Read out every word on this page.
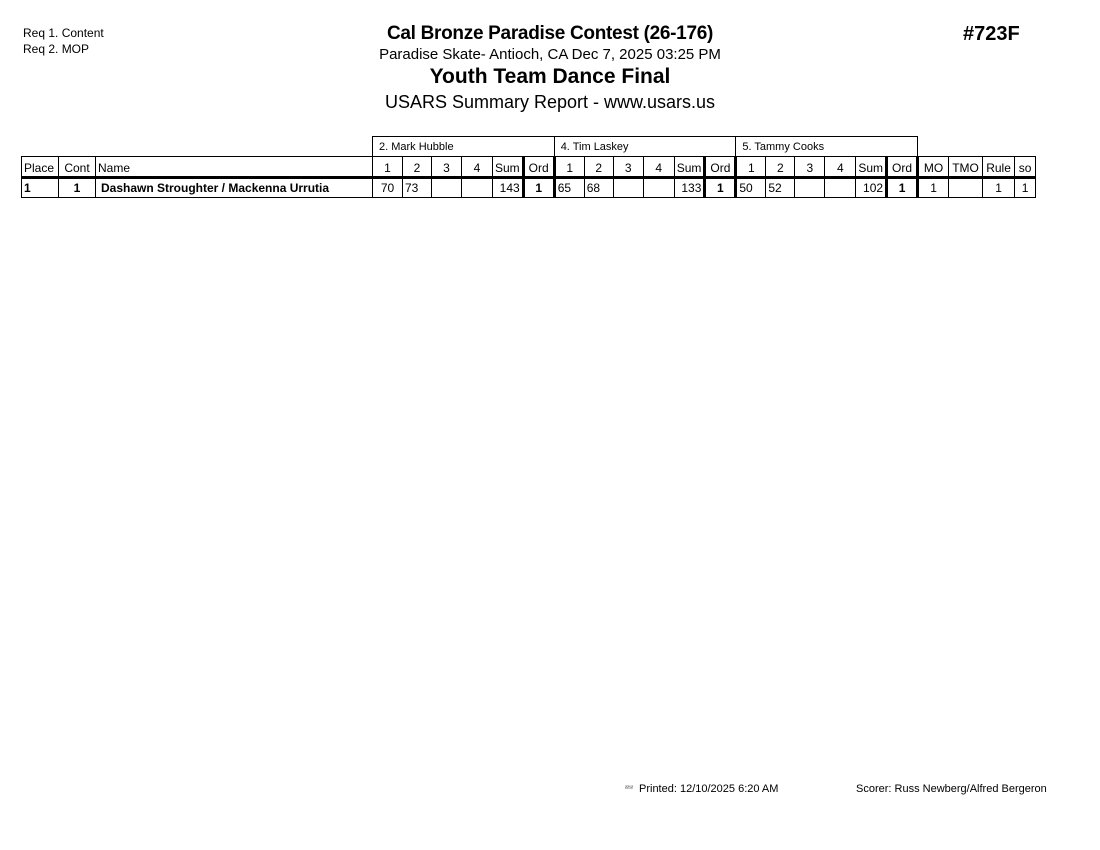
Req 1. Content
Req 2. MOP
Cal Bronze Paradise Contest (26-176)
Paradise Skate- Antioch, CA Dec 7, 2025 03:25 PM
Youth Team Dance Final
USARS Summary Report - www.usars.us
#723F
			2. Mark Hubble						4. Tim Laskey						5. Tammy Cooks									
Place	Cont	Name	1	2	3	4	Sum	Ord	1	2	3	4	Sum	Ord	1	2	3	4	Sum	Ord	MO	TMO	Rule	so
1	1	Dashawn Stroughter / Mackenna Urrutia	70	73			143	1	65	68			133	1	50	52			102	1	1		1	1
$^{^{2212}}$ Printed: 12/10/2025 6:20 AM	Scorer: Russ Newberg/Alfred Bergeron
